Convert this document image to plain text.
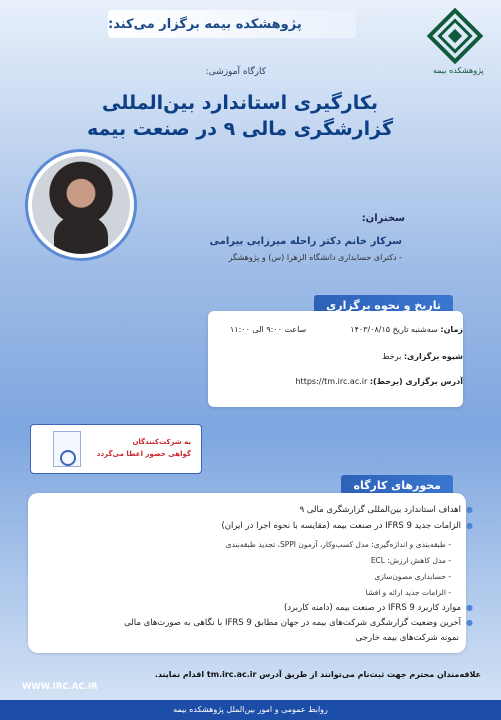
پژوهشکده بیمه برگزار می‌کند:
پژوهشکده بیمه
کارگاه آموزشی:
بکارگیری استاندارد بین‌المللی
گزارشگری مالی ۹ در صنعت بیمه
سخنران:
سرکار خانم دکتر راحله میرزایی بیرامی
- دکترای حسابداری دانشگاه الزهرا (س) و پژوهشگر
تاریخ و نحوه برگزاری
زمان: سه‌شنبه تاریخ ۱۴۰۳/۰۸/۱۵
ساعت ۹:۰۰ الی ۱۱:۰۰
شیوه برگزاری: برخط
آدرس برگزاری (برخط): https://tm.irc.ac.ir
به شرکت‌کنندگان
گواهی حضور اعطا می‌گردد
محورهای کارگاه
● اهداف استاندارد بین‌المللی گزارشگری مالی ۹
● الزامات جدید IFRS 9 در صنعت بیمه (مقایسه با نحوه اجرا در ایران)
- طبقه‌بندی و اندازه‌گیری: مدل کسب‌وکار، آزمون SPPI، تجدید طبقه‌بندی
- مدل کاهش ارزش: ECL
- حسابداری مصون‌سازی
- الزامات جدید ارائه و افشا
● موارد کاربرد IFRS 9 در صنعت بیمه (دامنه کاربرد)
● آخرین وضعیت گزارشگری شرکت‌های بیمه در جهان مطابق IFRS 9 با نگاهی به صورت‌های مالی
نمونه شرکت‌های بیمه خارجی
علاقه‌مندان محترم جهت ثبت‌نام می‌توانند از طریق آدرس tm.irc.ac.ir اقدام نمایند.
WWW.IRC.AC.IR
روابط عمومی و امور بین‌الملل پژوهشکده بیمه
